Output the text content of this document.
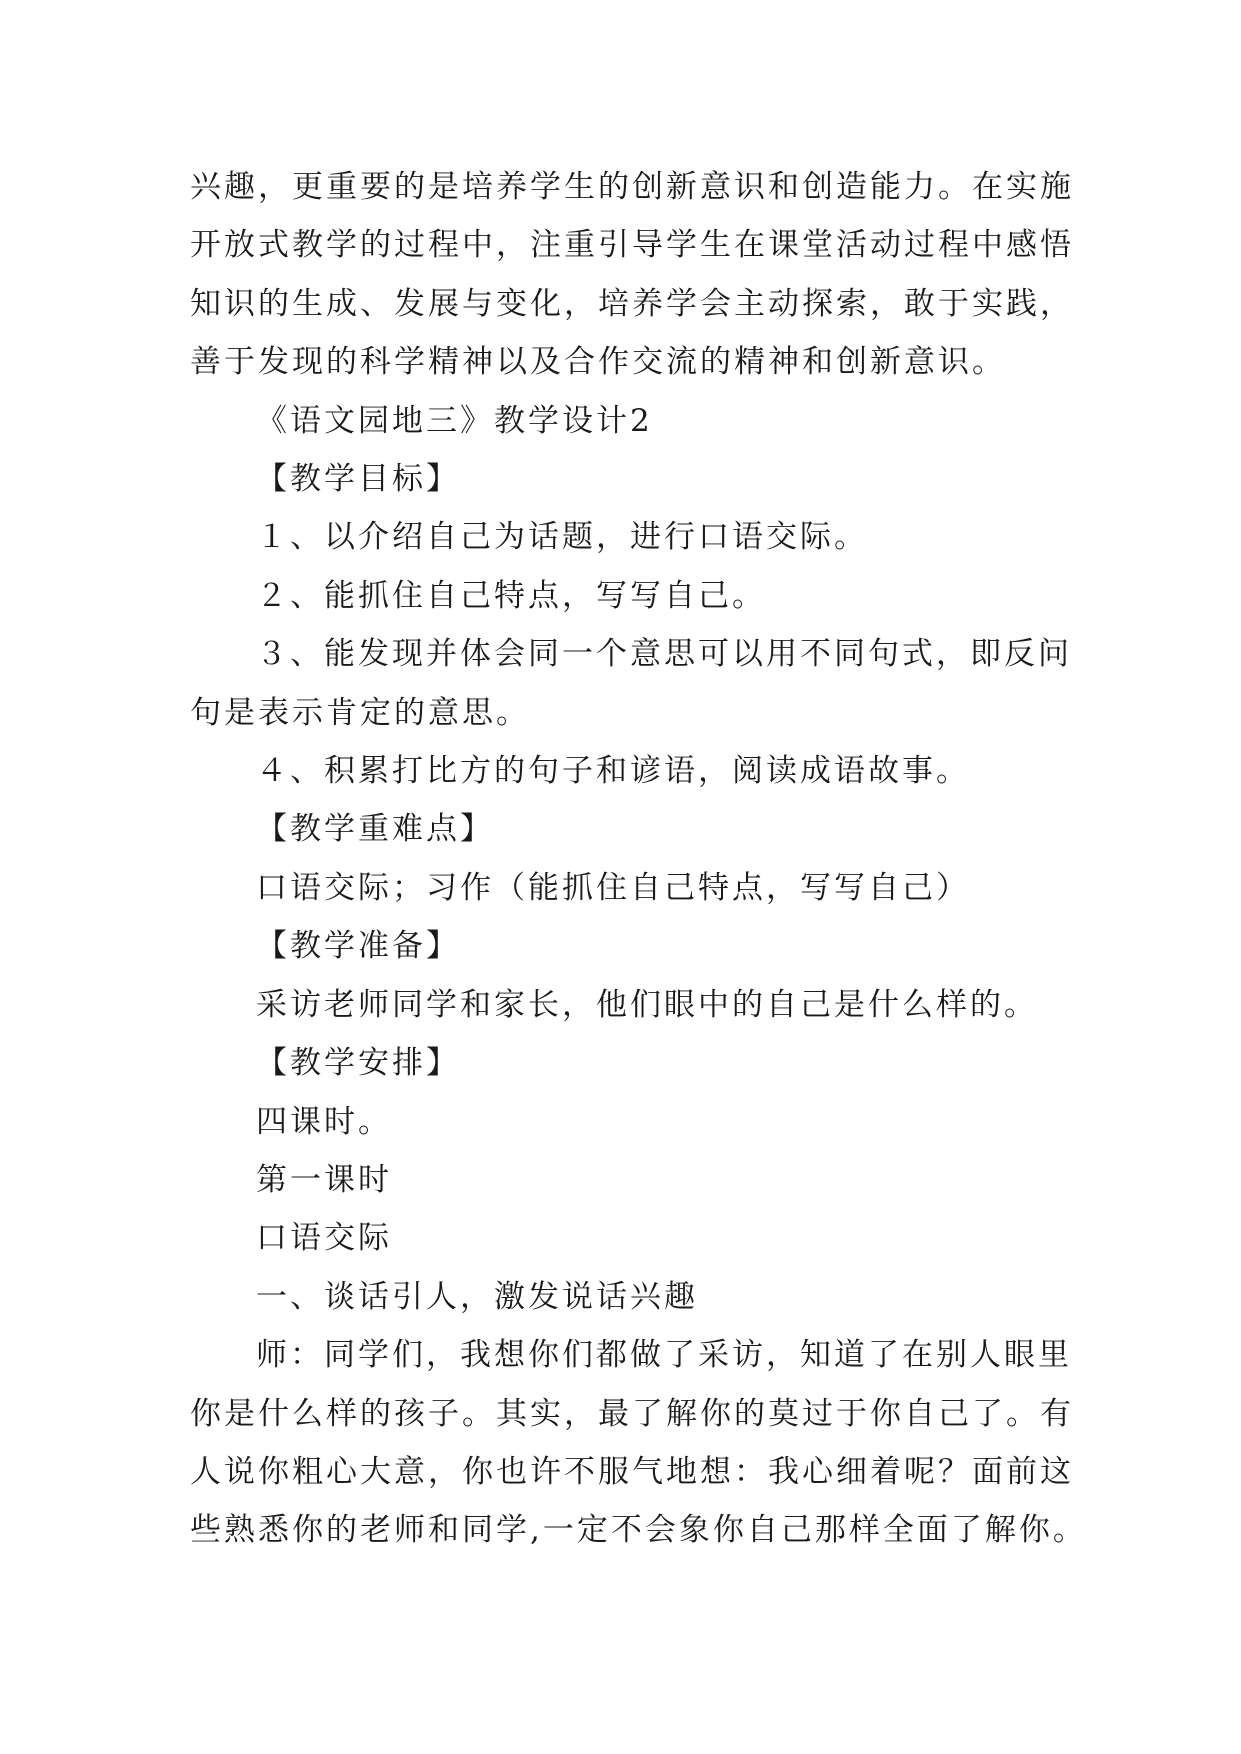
兴趣，更重要的是培养学生的创新意识和创造能力。在实施

开放式教学的过程中，注重引导学生在课堂活动过程中感悟

知识的生成、发展与变化，培养学会主动探索，敢于实践，

善于发现的科学精神以及合作交流的精神和创新意识。

《语文园地三》教学设计2

【教学目标】

１、以介绍自己为话题，进行口语交际。

２、能抓住自己特点，写写自己。

３、能发现并体会同一个意思可以用不同句式，即反问

句是表示肯定的意思。

４、积累打比方的句子和谚语，阅读成语故事。

【教学重难点】

口语交际；习作（能抓住自己特点，写写自己）

【教学准备】

采访老师同学和家长，他们眼中的自己是什么样的。

【教学安排】

四课时。

第一课时

口语交际

一、谈话引人，激发说话兴趣

师：同学们，我想你们都做了采访，知道了在别人眼里

你是什么样的孩子。其实，最了解你的莫过于你自己了。有

人说你粗心大意，你也许不服气地想：我心细着呢？面前这

些熟悉你的老师和同学,一定不会象你自己那样全面了解你。
